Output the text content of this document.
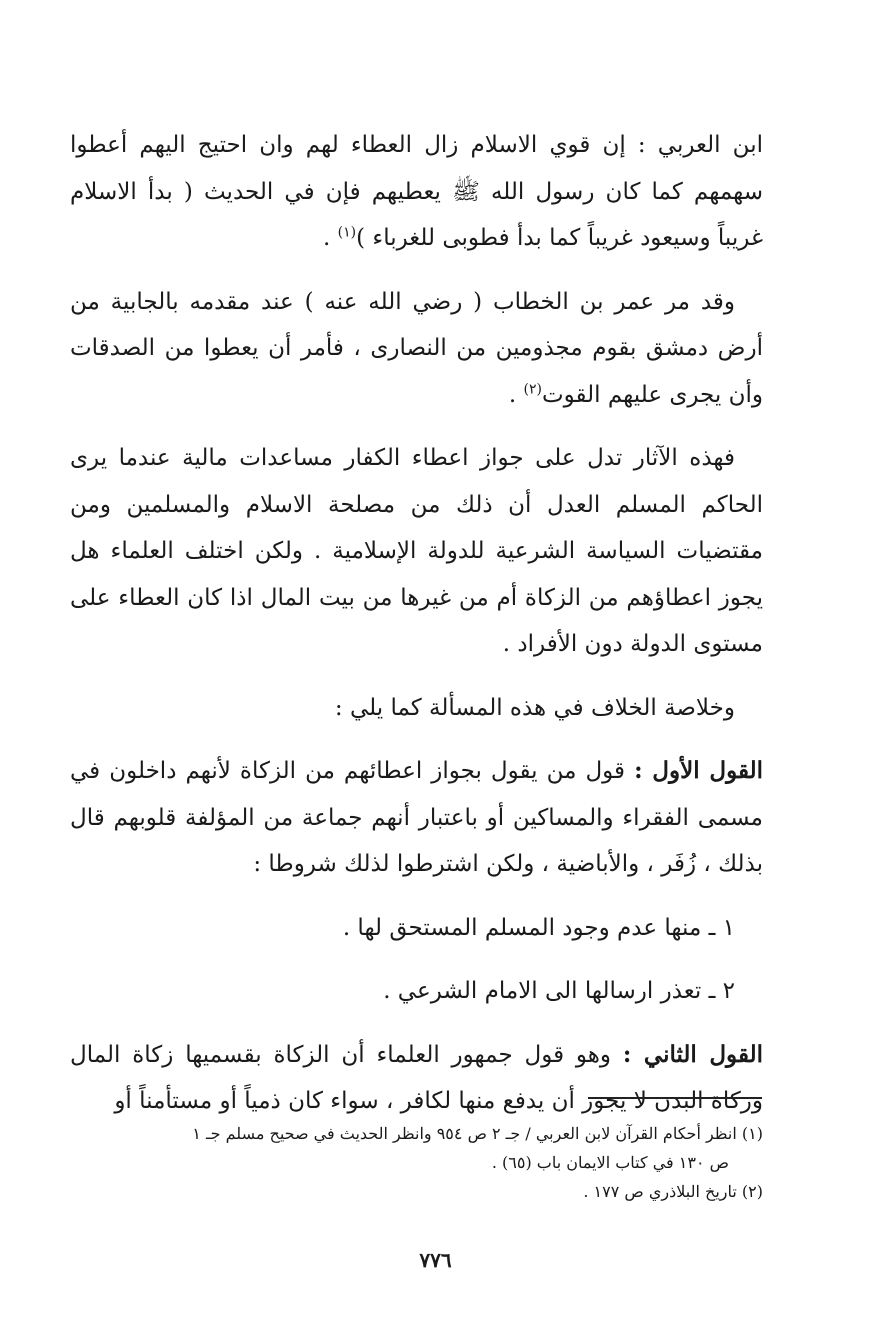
ابن العربي : إن قوي الاسلام زال العطاء لهم وان احتيج اليهم أعطوا سهمهم كما كان رسول الله ﷺ يعطيهم فإن في الحديث ( بدأ الاسلام غريباً وسيعود غريباً كما بدأ فطوبى للغرباء )$^{(١)}$ .

وقد مر عمر بن الخطاب ( رضي الله عنه ) عند مقدمه بالجابية من أرض دمشق بقوم مجذومين من النصارى ، فأمر أن يعطوا من الصدقات وأن يجرى عليهم القوت$^{(٢)}$ .

فهذه الآثار تدل على جواز اعطاء الكفار مساعدات مالية عندما يرى الحاكم المسلم العدل أن ذلك من مصلحة الاسلام والمسلمين ومن مقتضيات السياسة الشرعية للدولة الإسلامية . ولكن اختلف العلماء هل يجوز اعطاؤهم من الزكاة أم من غيرها من بيت المال اذا كان العطاء على مستوى الدولة دون الأفراد .

وخلاصة الخلاف في هذه المسألة كما يلي :

القول الأول : قول من يقول بجواز اعطائهم من الزكاة لأنهم داخلون في مسمى الفقراء والمساكين أو باعتبار أنهم جماعة من المؤلفة قلوبهم قال بذلك ، زُفَر ، والأباضية ، ولكن اشترطوا لذلك شروطا :

١ ـ منها عدم وجود المسلم المستحق لها .

٢ ـ تعذر ارسالها الى الامام الشرعي .

القول الثاني : وهو قول جمهور العلماء أن الزكاة بقسميها زكاة المال وزكاة البدن لا يجوز أن يدفع منها لكافر ، سواء كان ذمياً أو مستأمناً أو

(١) انظر أحكام القرآن لابن العربي / جـ ٢ ص ٩٥٤ وانظر الحديث في صحيح مسلم جـ ١

ص ١٣٠ في كتاب الايمان باب (٦٥) .

(٢) تاريخ البلاذري ص ١٧٧ .

٧٧٦
